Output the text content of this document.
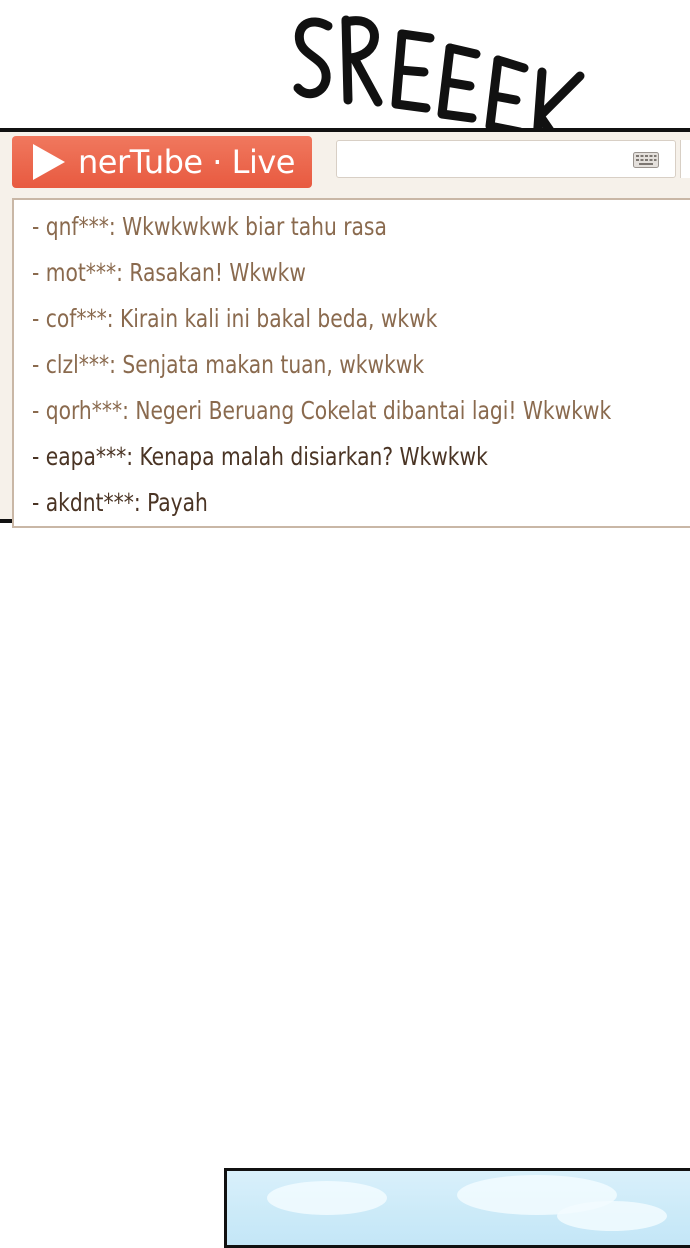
nerTube · Live
- qnf***: Wkwkwkwk biar tahu rasa
- mot***: Rasakan! Wkwkw
- cof***: Kirain kali ini bakal beda, wkwk
- clzl***: Senjata makan tuan, wkwkwk
- qorh***: Negeri Beruang Cokelat dibantai lagi! Wkwkwk
- eapa***: Kenapa malah disiarkan? Wkwkwk
- akdnt***: Payah
